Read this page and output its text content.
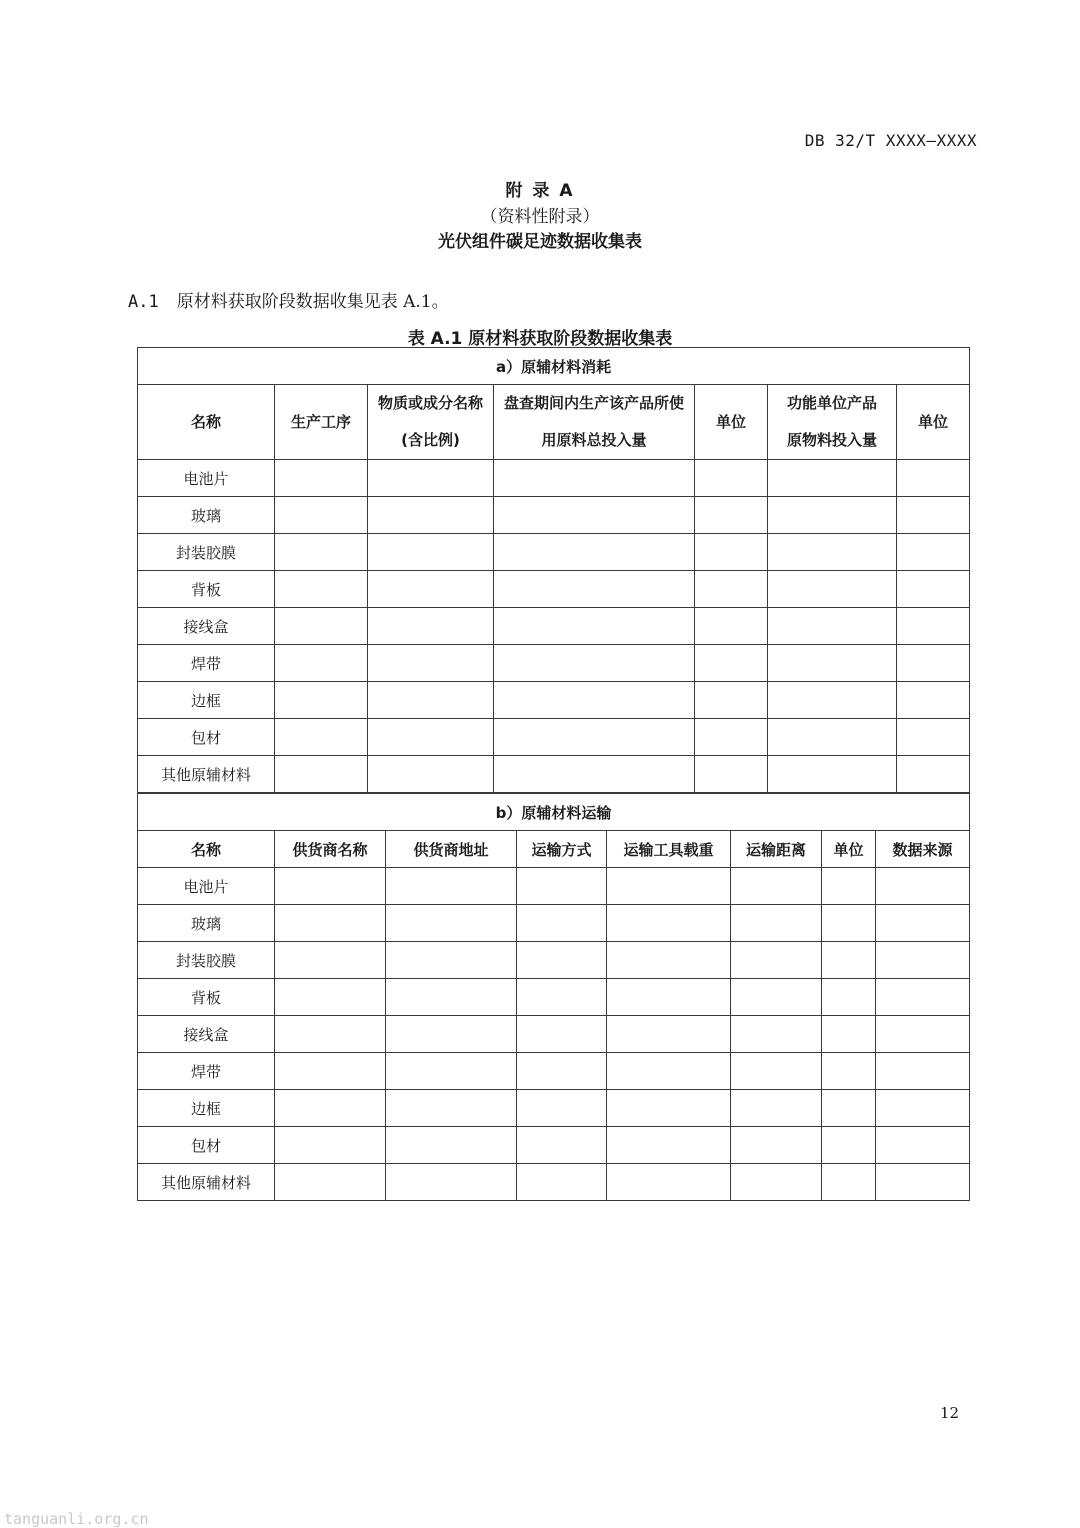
DB 32/T XXXX—XXXX
附 录 A
（资料性附录）
光伏组件碳足迹数据收集表
A.1 原材料获取阶段数据收集见表 A.1。
表 A.1 原材料获取阶段数据收集表
a）原辅材料消耗						
名称	生产工序	物质或成分名称(含比例)	盘查期间内生产该产品所使用原料总投入量	单位	功能单位产品原物料投入量	单位
电池片						
玻璃						
封装胶膜						
背板						
接线盒						
焊带						
边框						
包材						
其他原辅材料						
b）原辅材料运输							
名称	供货商名称	供货商地址	运输方式	运输工具载重	运输距离	单位	数据来源
电池片							
玻璃							
封装胶膜							
背板							
接线盒							
焊带							
边框							
包材							
其他原辅材料							
12
tanguanli.org.cn
